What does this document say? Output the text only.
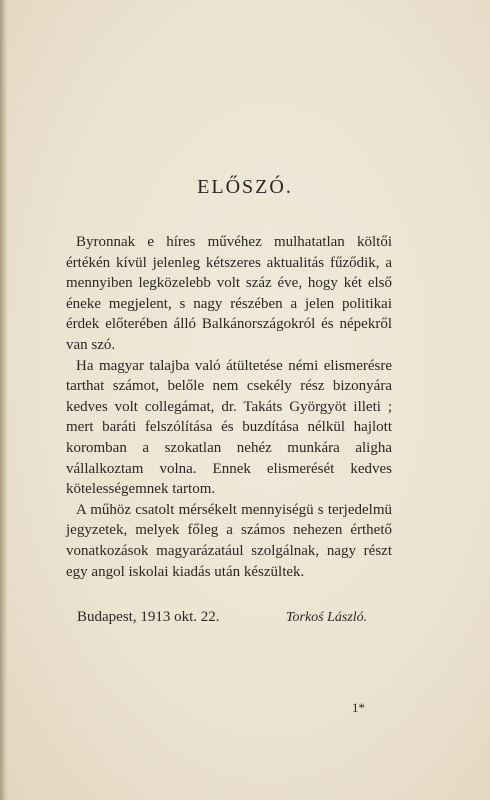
ELŐSZÓ.

Byronnak e híres művéhez mulhatatlan költői értékén kívül jelenleg kétszeres aktualitás fűződik, a mennyiben legközelebb volt száz éve, hogy két első éneke megjelent, s nagy részében a jelen politikai érdek előterében álló Balkánországokról és népekről van szó.

Ha magyar talajba való átültetése némi elismerésre tarthat számot, belőle nem csekély rész bizonyára kedves volt collegámat, dr. Takáts Györgyöt illeti ; mert baráti felszólítása és buzdítása nélkül hajlott koromban a szokatlan nehéz munkára aligha vállalkoztam volna. Ennek elismerését kedves kötelességemnek tartom.

A műhöz csatolt mérsékelt mennyiségü s terjedelmü jegyzetek, melyek főleg a számos nehezen érthető vonatkozások magyarázatául szolgálnak, nagy részt egy angol iskolai kiadás után készültek.

Budapest, 1913 okt. 22.	Torkoś László.
1*
